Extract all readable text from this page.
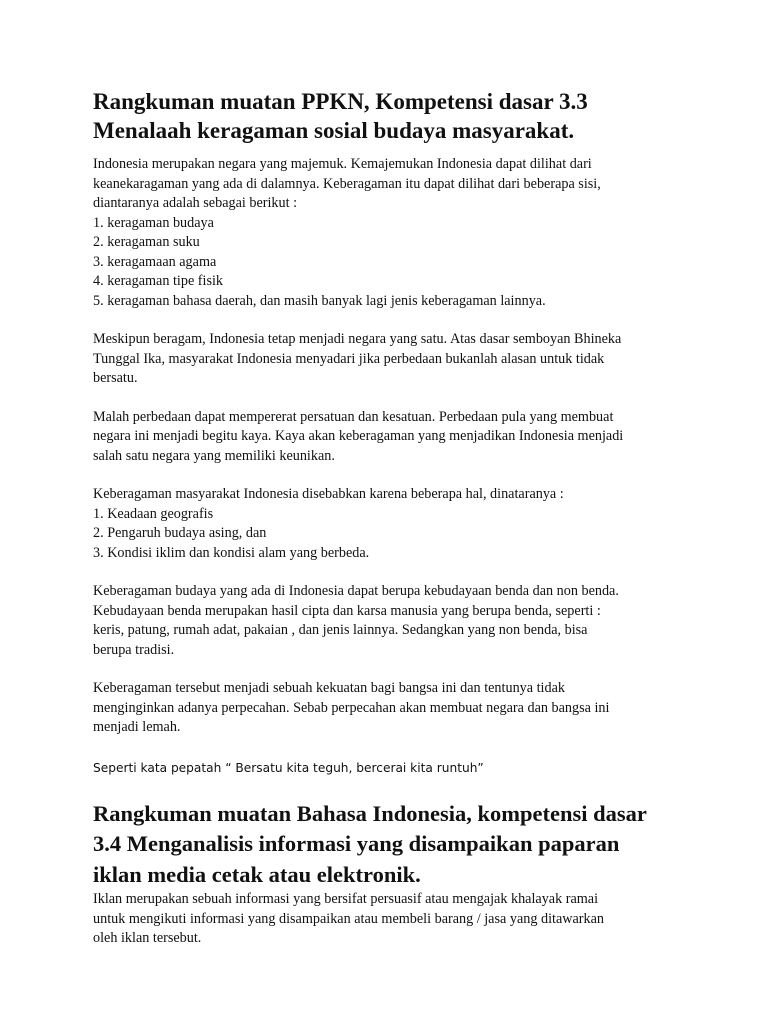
Rangkuman muatan PPKN, Kompetensi dasar 3.3
Menalaah keragaman sosial budaya masyarakat.

Indonesia merupakan negara yang majemuk. Kemajemukan Indonesia dapat dilihat dari
keanekaragaman yang ada di dalamnya. Keberagaman itu dapat dilihat dari beberapa sisi,
diantaranya adalah sebagai berikut :
1. keragaman budaya
2. keragaman suku
3. keragamaan agama
4. keragaman tipe fisik
5. keragaman bahasa daerah, dan masih banyak lagi jenis keberagaman lainnya.

Meskipun beragam, Indonesia tetap menjadi negara yang satu. Atas dasar semboyan Bhineka
Tunggal Ika, masyarakat Indonesia menyadari jika perbedaan bukanlah alasan untuk tidak
bersatu.

Malah perbedaan dapat mempererat persatuan dan kesatuan. Perbedaan pula yang membuat
negara ini menjadi begitu kaya. Kaya akan keberagaman yang menjadikan Indonesia menjadi
salah satu negara yang memiliki keunikan.

Keberagaman masyarakat Indonesia disebabkan karena beberapa hal, dinataranya :
1. Keadaan geografis
2. Pengaruh budaya asing, dan
3. Kondisi iklim dan kondisi alam yang berbeda.

Keberagaman budaya yang ada di Indonesia dapat berupa kebudayaan benda dan non benda.
Kebudayaan benda merupakan hasil cipta dan karsa manusia yang berupa benda, seperti :
keris, patung, rumah adat, pakaian , dan jenis lainnya. Sedangkan yang non benda, bisa
berupa tradisi.

Keberagaman tersebut menjadi sebuah kekuatan bagi bangsa ini dan tentunya tidak
menginginkan adanya perpecahan. Sebab perpecahan akan membuat negara dan bangsa ini
menjadi lemah.

Seperti kata pepatah “ Bersatu kita teguh, bercerai kita runtuh”

Rangkuman muatan Bahasa Indonesia, kompetensi dasar
3.4 Menganalisis informasi yang disampaikan paparan
iklan media cetak atau elektronik.

Iklan merupakan sebuah informasi yang bersifat persuasif atau mengajak khalayak ramai
untuk mengikuti informasi yang disampaikan atau membeli barang / jasa yang ditawarkan
oleh iklan tersebut.
